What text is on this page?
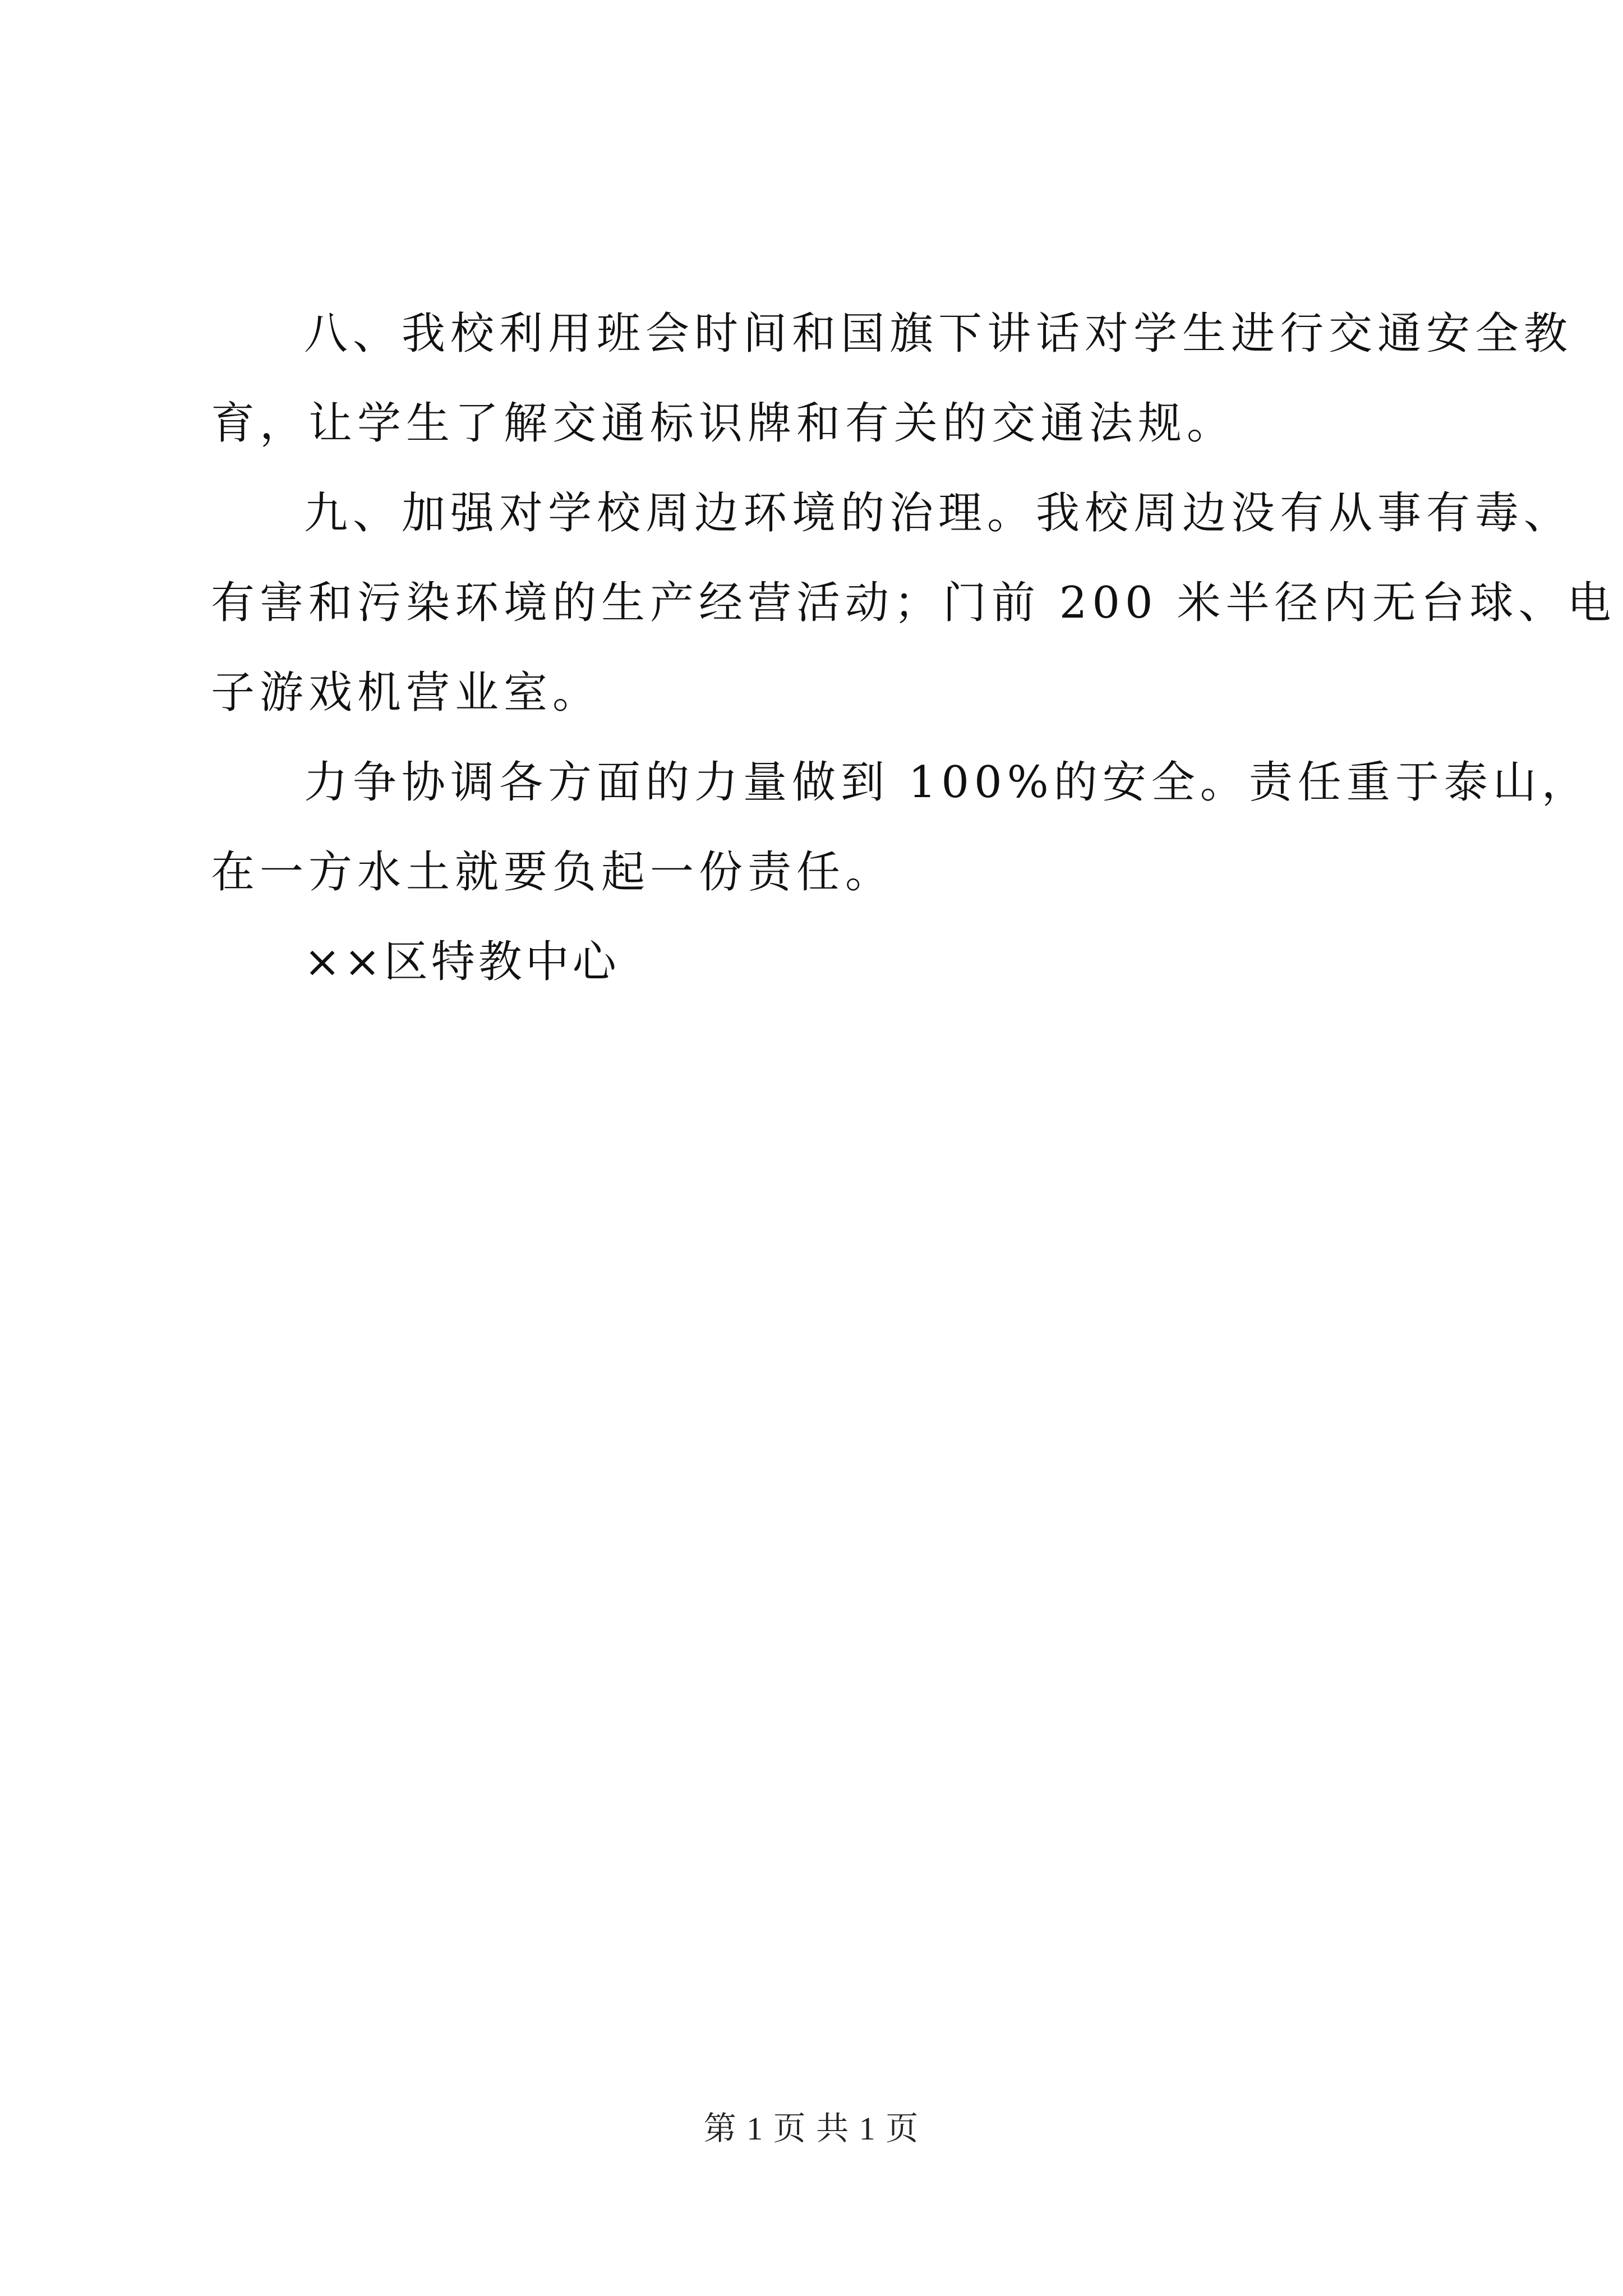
八、我校利用班会时间和国旗下讲话对学生进行交通安全教
育，让学生了解交通标识牌和有关的交通法规。
九、加强对学校周边环境的治理。我校周边没有从事有毒、
有害和污染环境的生产经营活动；门前 200 米半径内无台球、电
子游戏机营业室。
力争协调各方面的力量做到 100%的安全。责任重于泰山，
在一方水土就要负起一份责任。
××区特教中心
第 1 页 共 1 页
